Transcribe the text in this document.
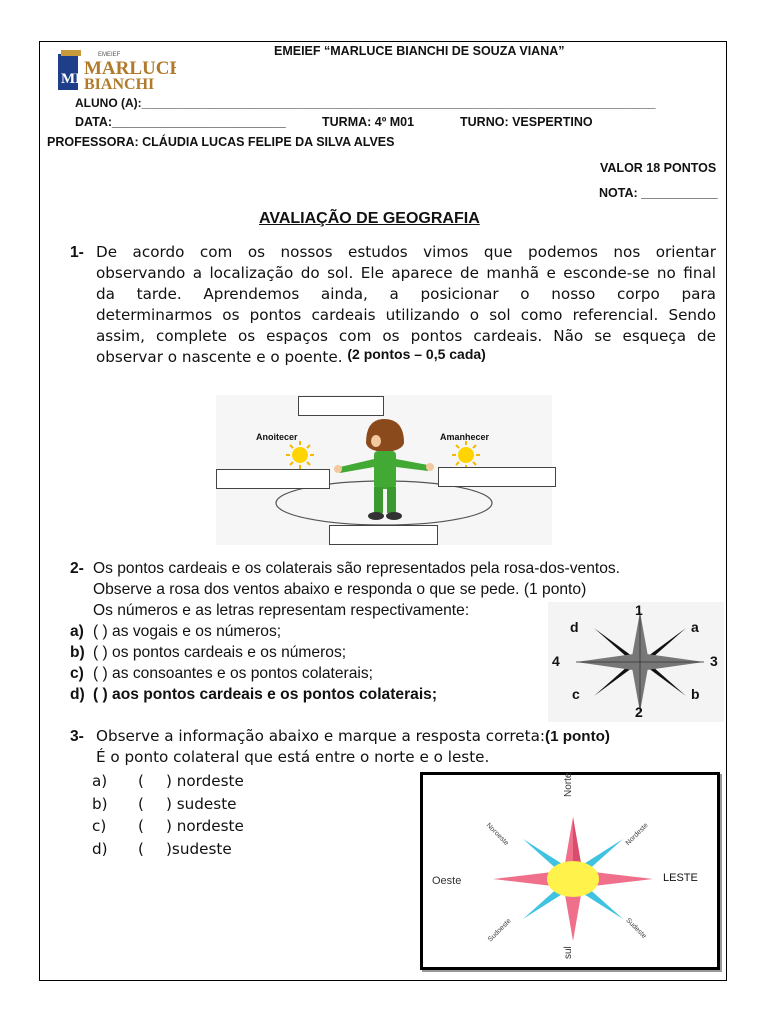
MB
EMEIEF
MARLUCE
BIANCHI
EMEIEF “MARLUCE BIANCHI DE SOUZA VIANA”
ALUNO (A):_____________________________________________________________________________
DATA:_________________________	TURMA: 4º M01	TURNO: VESPERTINO
PROFESSORA: CLÁUDIA LUCAS FELIPE DA SILVA ALVES
VALOR 18 PONTOS
NOTA: ___________
AVALIAÇÃO DE GEOGRAFIA
1- De acordo com os nossos estudos vimos que podemos nos orientar
observando a localização do sol. Ele aparece de manhã e esconde-se no final
da tarde. Aprendemos ainda, a posicionar o nosso corpo para
determinarmos os pontos cardeais utilizando o sol como referencial. Sendo
assim, complete os espaços com os pontos cardeais. Não se esqueça de
observar o nascente e o poente. (2 pontos – 0,5 cada)
Anoitecer	Amanhecer
2- Os pontos cardeais e os colaterais são representados pela rosa-dos-ventos.
Observe a rosa dos ventos abaixo e responda o que se pede. (1 ponto)
Os números e as letras representam respectivamente:
a) ( ) as vogais e os números;
b) ( ) os pontos cardeais e os números;
c) ( ) as consoantes e os pontos colaterais;
d) ( ) aos pontos cardeais e os pontos colaterais;
1
2
3
4
a
b
c
d
3- Observe a informação abaixo e marque a resposta correta:(1 ponto)
É o ponto colateral que está entre o norte e o leste.
a) ( ) nordeste
b) ( ) sudeste
c) ( ) nordeste
d) ( )sudeste
Norte
sul
Oeste	LESTE
Nordeste
Noroeste
Sudeste
Sudoeste
